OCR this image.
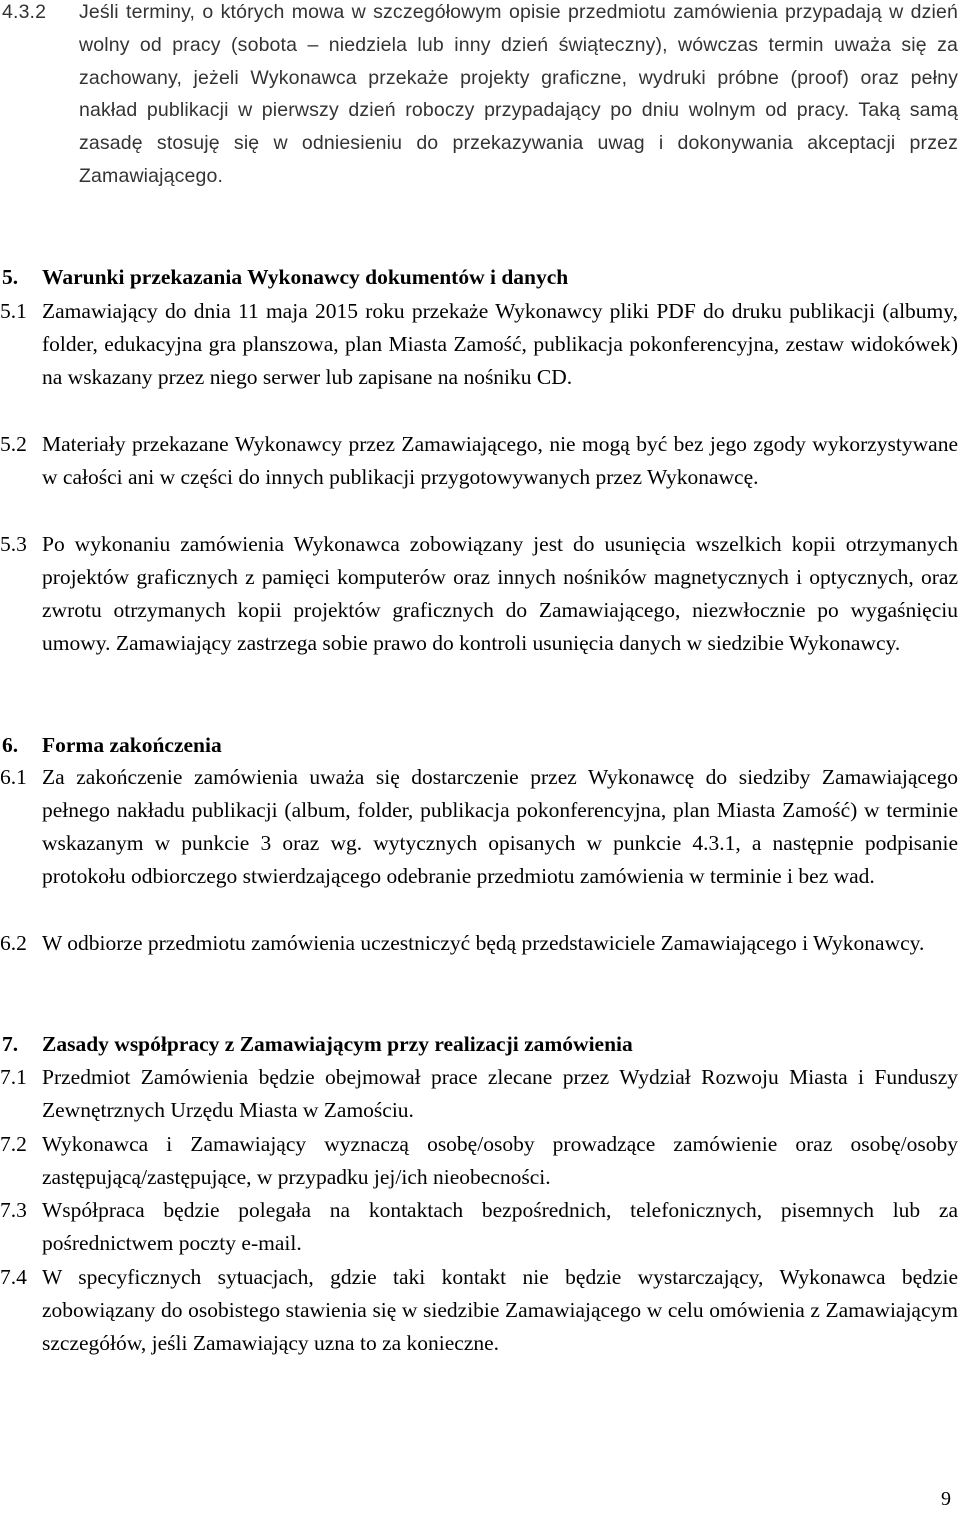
4.3.2 Jeśli terminy, o których mowa w szczegółowym opisie przedmiotu zamówienia przypadają w dzień wolny od pracy (sobota – niedziela lub inny dzień świąteczny), wówczas termin uważa się za zachowany, jeżeli Wykonawca przekaże projekty graficzne, wydruki próbne (proof) oraz pełny nakład publikacji w pierwszy dzień roboczy przypadający po dniu wolnym od pracy. Taką samą zasadę stosuję się w odniesieniu do przekazywania uwag i dokonywania akceptacji przez Zamawiającego.
5. Warunki przekazania Wykonawcy dokumentów i danych
5.1 Zamawiający do dnia 11 maja 2015 roku przekaże Wykonawcy pliki PDF do druku publikacji (albumy, folder, edukacyjna gra planszowa, plan Miasta Zamość, publikacja pokonferencyjna, zestaw widokówek) na wskazany przez niego serwer lub zapisane na nośniku CD.
5.2 Materiały przekazane Wykonawcy przez Zamawiającego, nie mogą być bez jego zgody wykorzystywane w całości ani w części do innych publikacji przygotowywanych przez Wykonawcę.
5.3 Po wykonaniu zamówienia Wykonawca zobowiązany jest do usunięcia wszelkich kopii otrzymanych projektów graficznych z pamięci komputerów oraz innych nośników magnetycznych i optycznych, oraz zwrotu otrzymanych kopii projektów graficznych do Zamawiającego, niezwłocznie po wygaśnięciu umowy. Zamawiający zastrzega sobie prawo do kontroli usunięcia danych w siedzibie Wykonawcy.
6. Forma zakończenia
6.1 Za zakończenie zamówienia uważa się dostarczenie przez Wykonawcę do siedziby Zamawiającego pełnego nakładu publikacji (album, folder, publikacja pokonferencyjna, plan Miasta Zamość) w terminie wskazanym w punkcie 3 oraz wg. wytycznych opisanych w punkcie 4.3.1, a następnie podpisanie protokołu odbiorczego stwierdzającego odebranie przedmiotu zamówienia w terminie i bez wad.
6.2 W odbiorze przedmiotu zamówienia uczestniczyć będą przedstawiciele Zamawiającego i Wykonawcy.
7. Zasady współpracy z Zamawiającym przy realizacji zamówienia
7.1 Przedmiot Zamówienia będzie obejmował prace zlecane przez Wydział Rozwoju Miasta i Funduszy Zewnętrznych Urzędu Miasta w Zamościu.
7.2 Wykonawca i Zamawiający wyznaczą osobę/osoby prowadzące zamówienie oraz osobę/osoby zastępującą/zastępujące, w przypadku jej/ich nieobecności.
7.3 Współpraca będzie polegała na kontaktach bezpośrednich, telefonicznych, pisemnych lub za pośrednictwem poczty e-mail.
7.4 W specyficznych sytuacjach, gdzie taki kontakt nie będzie wystarczający, Wykonawca będzie zobowiązany do osobistego stawienia się w siedzibie Zamawiającego w celu omówienia z Zamawiającym szczegółów, jeśli Zamawiający uzna to za konieczne.
9
